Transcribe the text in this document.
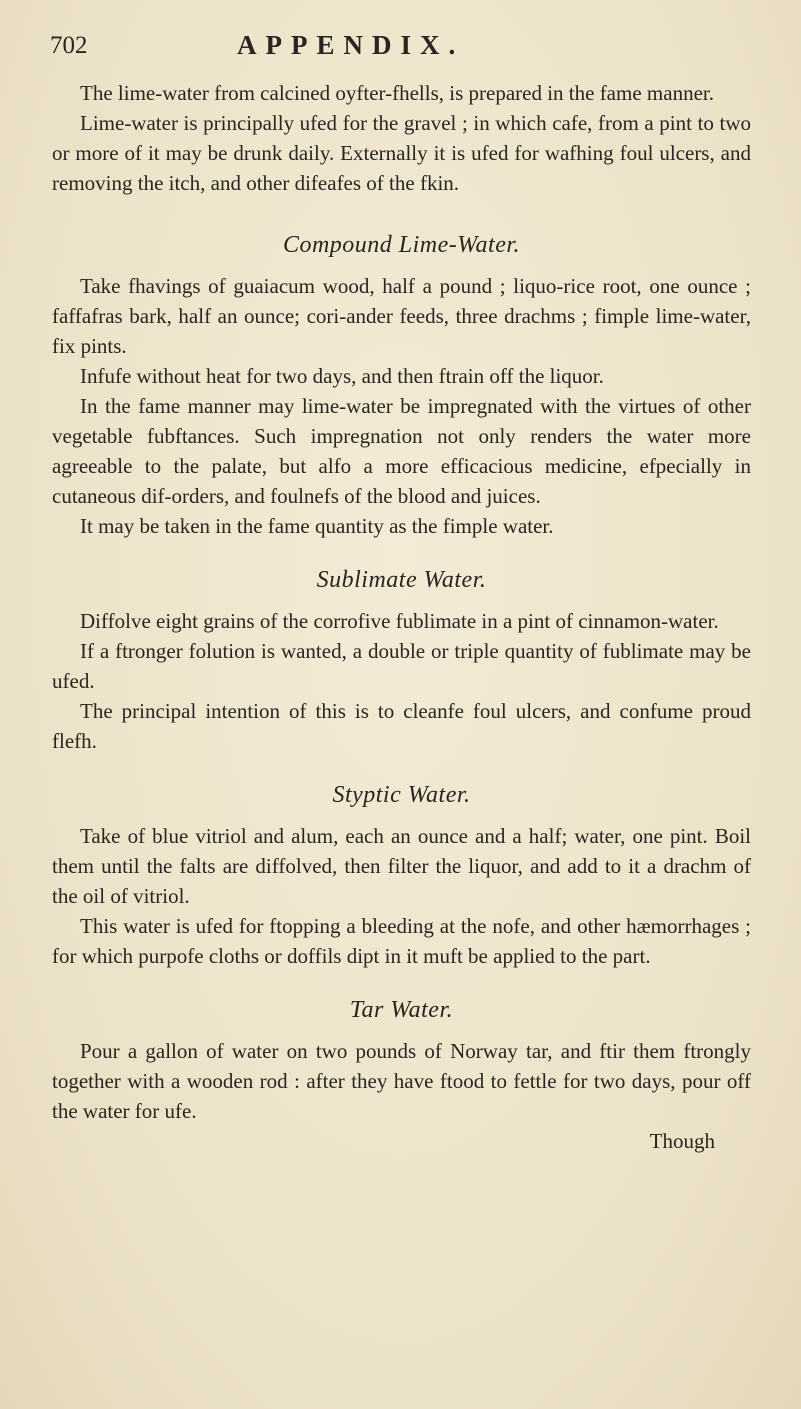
702	APPENDIX.

The lime-water from calcined oyfter-fhells, is prepared in the fame manner.

Lime-water is principally ufed for the gravel ; in which cafe, from a pint to two or more of it may be drunk daily. Externally it is ufed for wafhing foul ulcers, and removing the itch, and other difeafes of the fkin.

Compound Lime-Water.

Take fhavings of guaiacum wood, half a pound ; liquo-rice root, one ounce ; faffafras bark, half an ounce; cori-ander feeds, three drachms ; fimple lime-water, fix pints.

Infufe without heat for two days, and then ftrain off the liquor.

In the fame manner may lime-water be impregnated with the virtues of other vegetable fubftances. Such impregnation not only renders the water more agreeable to the palate, but alfo a more efficacious medicine, efpecially in cutaneous dif-orders, and foulnefs of the blood and juices.

It may be taken in the fame quantity as the fimple water.

Sublimate Water.

Diffolve eight grains of the corrofive fublimate in a pint of cinnamon-water.

If a ftronger folution is wanted, a double or triple quantity of fublimate may be ufed.

The principal intention of this is to cleanfe foul ulcers, and confume proud flefh.

Styptic Water.

Take of blue vitriol and alum, each an ounce and a half; water, one pint. Boil them until the falts are diffolved, then filter the liquor, and add to it a drachm of the oil of vitriol.

This water is ufed for ftopping a bleeding at the nofe, and other hæmorrhages ; for which purpofe cloths or doffils dipt in it muft be applied to the part.

Tar Water.

Pour a gallon of water on two pounds of Norway tar, and ftir them ftrongly together with a wooden rod : after they have ftood to fettle for two days, pour off the water for ufe.

Though
